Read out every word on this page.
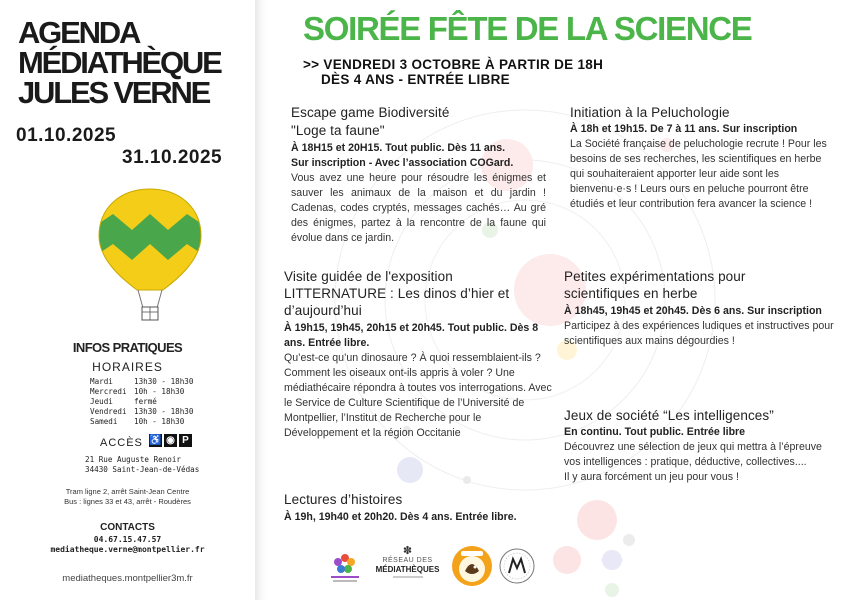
AGENDA
MÉDIATHÈQUE
JULES VERNE
01.10.2025
31.10.2025
INFOS PRATIQUES
HORAIRES
Mardi	13h30 - 18h30
Mercredi 10h - 18h30
Jeudi	fermé
Vendredi 13h30 - 18h30
Samedi	10h - 18h30
ACCÈS ♿ ◉ P
21 Rue Auguste Renoir
34430 Saint-Jean-de-Védas
Tram ligne 2, arrêt Saint-Jean Centre
Bus : lignes 33 et 43, arrêt - Roudères
CONTACTS
04.67.15.47.57
mediatheque.verne@montpellier.fr
mediatheques.montpellier3m.fr
SOIRÉE FÊTE DE LA SCIENCE
>> VENDREDI 3 OCTOBRE À PARTIR DE 18H
DÈS 4 ANS - ENTRÉE LIBRE
Escape game Biodiversité
"Loge ta faune"
À 18H15 et 20H15. Tout public. Dès 11 ans.
Sur inscription - Avec l’association COGard.
Vous avez une heure pour résoudre les énigmes et sauver les animaux de la maison et du jardin ! Cadenas, codes cryptés, messages cachés… Au gré des énigmes, partez à la rencontre de la faune qui évolue dans ce jardin.
Initiation à la Peluchologie
À 18h et 19h15. De 7 à 11 ans. Sur inscription
La Société française de peluchologie recrute ! Pour les besoins de ses recherches, les scientifiques en herbe qui souhaiteraient apporter leur aide sont les bienvenu·e·s ! Leurs ours en peluche pourront être étudiés et leur contribution fera avancer la science !
Visite guidée de l'exposition
LITTERNATURE : Les dinos d’hier et
d’aujourd’hui
À 19h15, 19h45, 20h15 et 20h45. Tout public. Dès 8 ans. Entrée libre.
Qu’est-ce qu’un dinosaure ? À quoi ressemblaient-ils ? Comment les oiseaux ont-ils appris à voler ? Une médiathécaire répondra à toutes vos interrogations. Avec le Service de Culture Scientifique de l’Université de Montpellier, l’Institut de Recherche pour le Développement et la région Occitanie
Petites expérimentations pour
scientifiques en herbe
À 18h45, 19h45 et 20h45. Dès 6 ans. Sur inscription
Participez à des expériences ludiques et instructives pour scientifiques aux mains dégourdies !
Jeux de société “Les intelligences”
En continu. Tout public. Entrée libre
Découvrez une sélection de jeux qui mettra à l’épreuve vos intelligences : pratique, déductive, collectives....
Il y aura forcément un jeu pour vous !
Lectures d’histoires
À 19h, 19h40 et 20h20. Dès 4 ans. Entrée libre.
✽
RÉSEAU DES
MÉDIATHÈQUES
